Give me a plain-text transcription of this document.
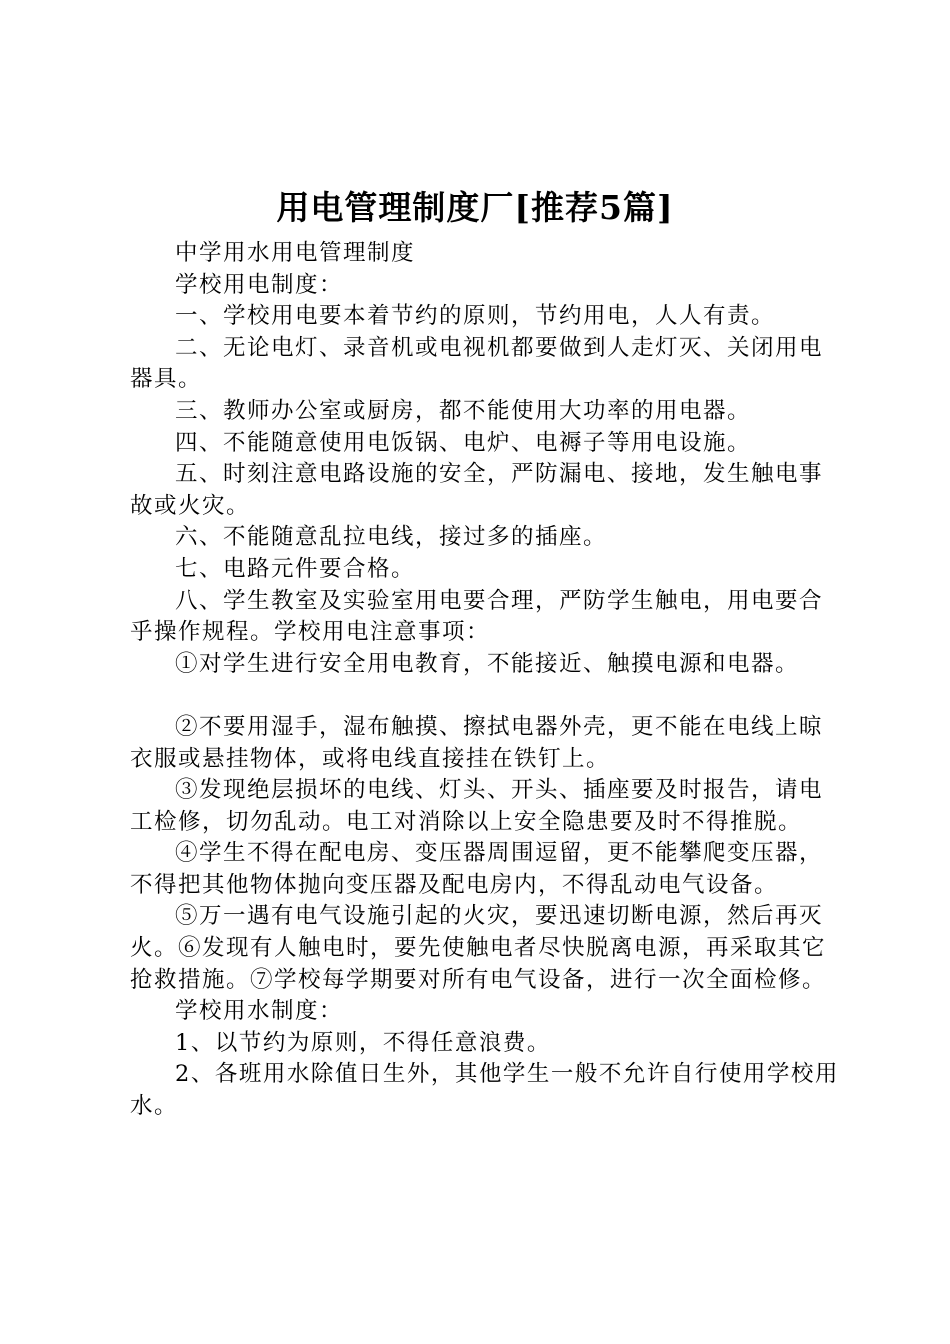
用电管理制度厂[推荐5篇]

中学用水用电管理制度

学校用电制度：

一、学校用电要本着节约的原则，节约用电，人人有责。

二、无论电灯、录音机或电视机都要做到人走灯灭、关闭用电器具。

三、教师办公室或厨房，都不能使用大功率的用电器。

四、不能随意使用电饭锅、电炉、电褥子等用电设施。

五、时刻注意电路设施的安全，严防漏电、接地，发生触电事故或火灾。

六、不能随意乱拉电线，接过多的插座。

七、电路元件要合格。

八、学生教室及实验室用电要合理，严防学生触电，用电要合乎操作规程。学校用电注意事项：

①对学生进行安全用电教育，不能接近、触摸电源和电器。

②不要用湿手，湿布触摸、擦拭电器外壳，更不能在电线上晾衣服或悬挂物体，或将电线直接挂在铁钉上。

③发现绝层损坏的电线、灯头、开头、插座要及时报告，请电工检修，切勿乱动。电工对消除以上安全隐患要及时不得推脱。

④学生不得在配电房、变压器周围逗留，更不能攀爬变压器，不得把其他物体抛向变压器及配电房内，不得乱动电气设备。

⑤万一遇有电气设施引起的火灾，要迅速切断电源，然后再灭火。⑥发现有人触电时，要先使触电者尽快脱离电源，再采取其它抢救措施。⑦学校每学期要对所有电气设备，进行一次全面检修。

学校用水制度：

1、以节约为原则，不得任意浪费。

2、各班用水除值日生外，其他学生一般不允许自行使用学校用水。
